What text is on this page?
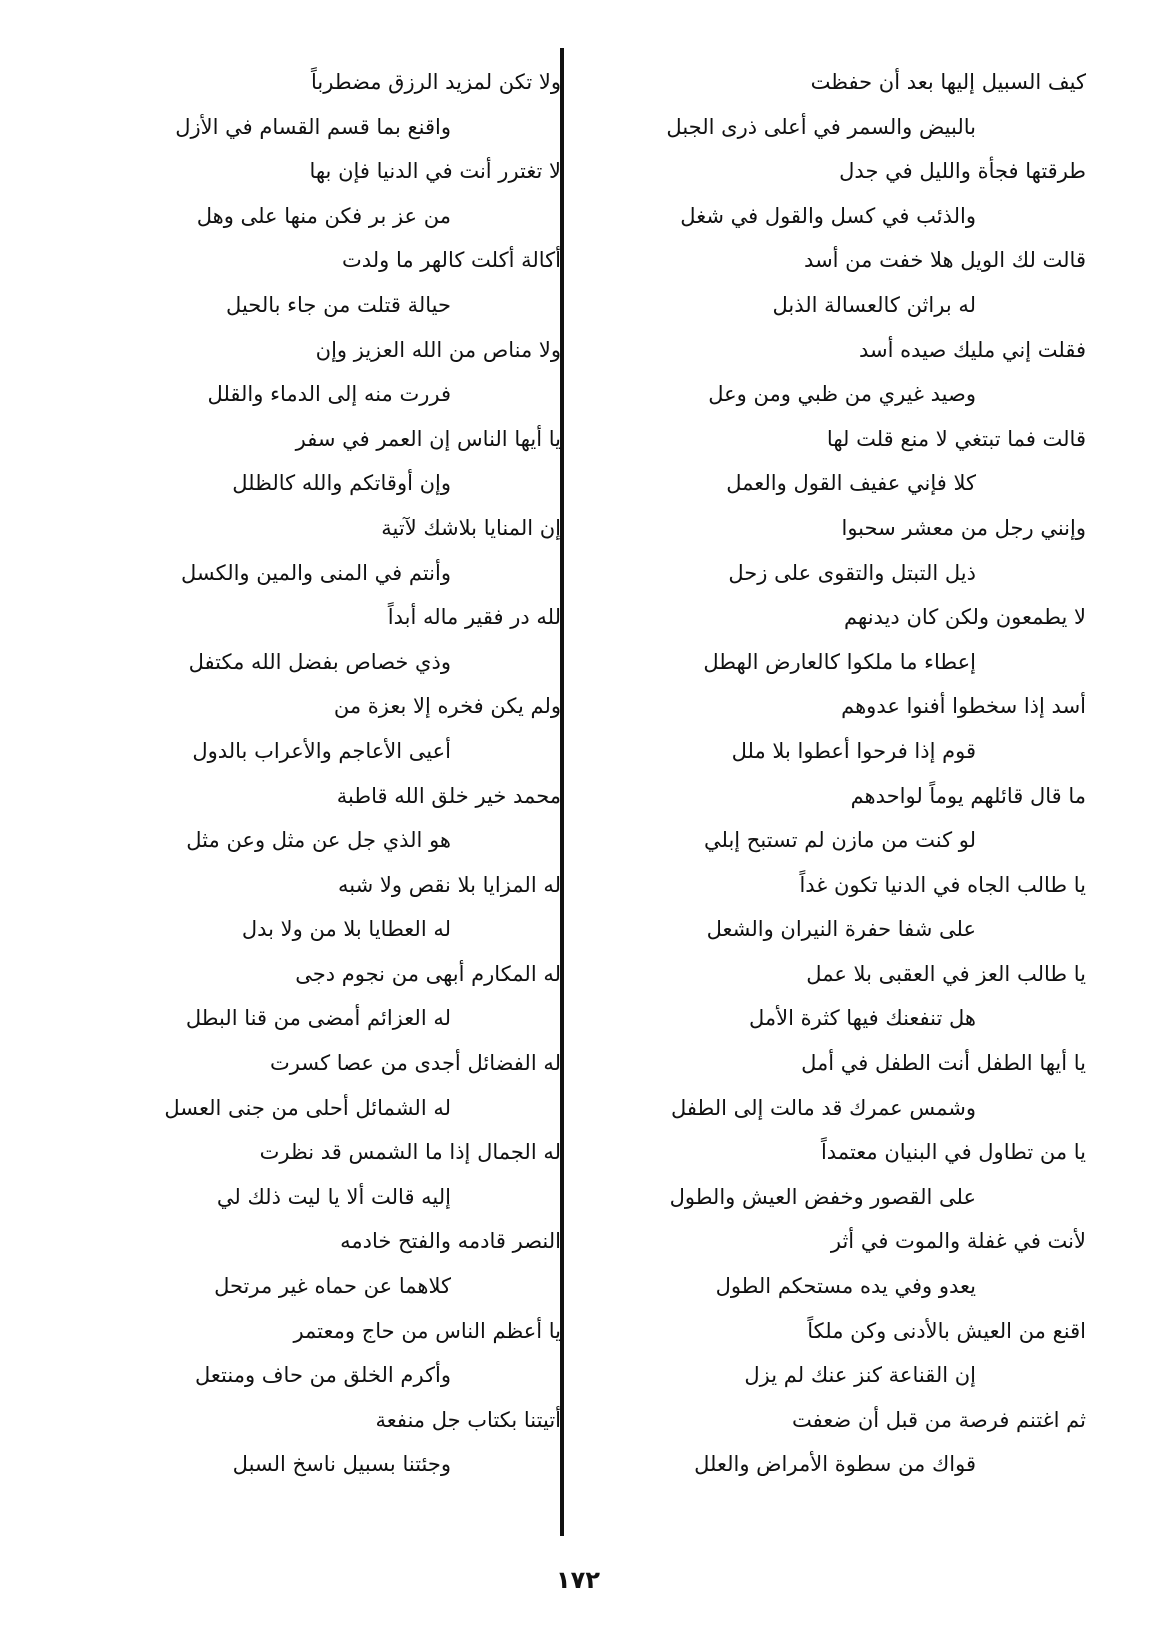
كيف السبيل إليها بعد أن حفظت
بالبيض والسمر في أعلى ذرى الجبل
طرقتها فجأة والليل في جدل
والذئب في كسل والقول في شغل
قالت لك الويل هلا خفت من أسد
له براثن كالعسالة الذبل
فقلت إني مليك صيده أسد
وصيد غيري من ظبي ومن وعل
قالت فما تبتغي لا منع قلت لها
كلا فإني عفيف القول والعمل
وإنني رجل من معشر سحبوا
ذيل التبتل والتقوى على زحل
لا يطمعون ولكن كان ديدنهم
إعطاء ما ملكوا كالعارض الهطل
أسد إذا سخطوا أفنوا عدوهم
قوم إذا فرحوا أعطوا بلا ملل
ما قال قائلهم يوماً لواحدهم
لو كنت من مازن لم تستبح إبلي
يا طالب الجاه في الدنيا تكون غداً
على شفا حفرة النيران والشعل
يا طالب العز في العقبى بلا عمل
هل تنفعنك فيها كثرة الأمل
يا أيها الطفل أنت الطفل في أمل
وشمس عمرك قد مالت إلى الطفل
يا من تطاول في البنيان معتمداً
على القصور وخفض العيش والطول
لأنت في غفلة والموت في أثر
يعدو وفي يده مستحكم الطول
اقنع من العيش بالأدنى وكن ملكاً
إن القناعة كنز عنك لم يزل
ثم اغتنم فرصة من قبل أن ضعفت
قواك من سطوة الأمراض والعلل
ولا تكن لمزيد الرزق مضطرباً
واقنع بما قسم القسام في الأزل
لا تغترر أنت في الدنيا فإن بها
من عز بر فكن منها على وهل
أكالة أكلت كالهر ما ولدت
حيالة قتلت من جاء بالحيل
ولا مناص من الله العزيز وإن
فررت منه إلى الدماء والقلل
يا أيها الناس إن العمر في سفر
وإن أوقاتكم والله كالظلل
إن المنايا بلاشك لآتية
وأنتم في المنى والمين والكسل
لله در فقير ماله أبداً
وذي خصاص بفضل الله مكتفل
ولم يكن فخره إلا بعزة من
أعيى الأعاجم والأعراب بالدول
محمد خير خلق الله قاطبة
هو الذي جل عن مثل وعن مثل
له المزايا بلا نقص ولا شبه
له العطايا بلا من ولا بدل
له المكارم أبهى من نجوم دجى
له العزائم أمضى من قنا البطل
له الفضائل أجدى من عصا كسرت
له الشمائل أحلى من جنى العسل
له الجمال إذا ما الشمس قد نظرت
إليه قالت ألا يا ليت ذلك لي
النصر قادمه والفتح خادمه
كلاهما عن حماه غير مرتحل
يا أعظم الناس من حاج ومعتمر
وأكرم الخلق من حاف ومنتعل
أتيتنا بكتاب جل منفعة
وجئتنا بسبيل ناسخ السبل
١٧٢
